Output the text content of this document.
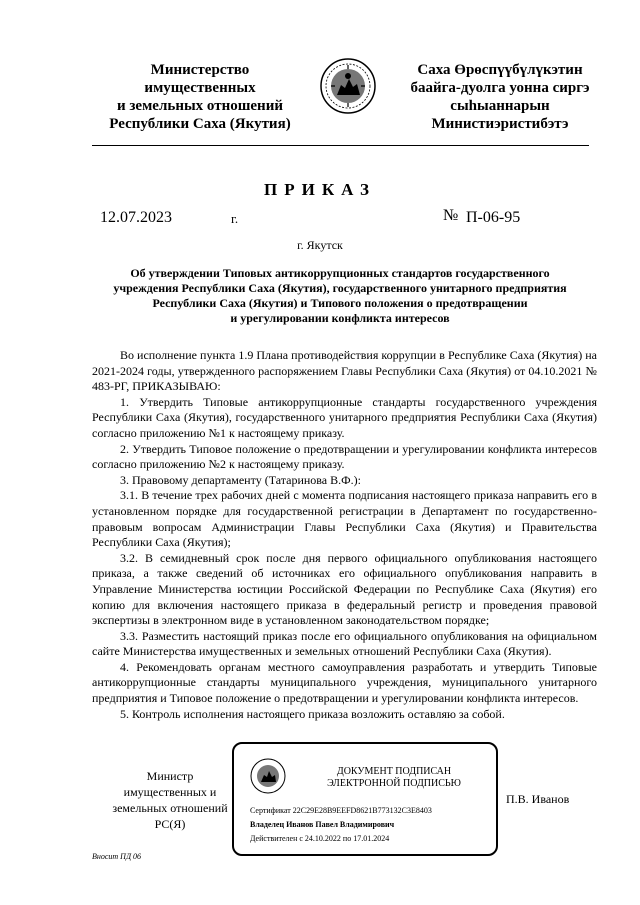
Министерство
имущественных
и земельных отношений
Республики Саха (Якутия)
Саха Өрөспүүбүлүкэтин
баайга-дуолга уонна сиргэ
сыһыаннарын
Министиэристибэтэ
ПРИКАЗ
12.07.2023	г.	№ П-06-95
г. Якутск
Об утверждении Типовых антикоррупционных стандартов государственного
учреждения Республики Саха (Якутия), государственного унитарного предприятия
Республики Саха (Якутия) и Типового положения о предотвращении
и урегулировании конфликта интересов

Во исполнение пункта 1.9 Плана противодействия коррупции в Республике Саха (Якутия) на 2021-2024 годы, утвержденного распоряжением Главы Республики Саха (Якутия) от 04.10.2021 № 483-РГ, ПРИКАЗЫВАЮ:

1. Утвердить Типовые антикоррупционные стандарты государственного учреждения Республики Саха (Якутия), государственного унитарного предприятия Республики Саха (Якутия) согласно приложению №1 к настоящему приказу.

2. Утвердить Типовое положение о предотвращении и урегулировании конфликта интересов согласно приложению №2 к настоящему приказу.

3. Правовому департаменту (Татаринова В.Ф.):

3.1. В течение трех рабочих дней с момента подписания настоящего приказа направить его в установленном порядке для государственной регистрации в Департамент по государственно-правовым вопросам Администрации Главы Республики Саха (Якутия) и Правительства Республики Саха (Якутия);

3.2. В семидневный срок после дня первого официального опубликования настоящего приказа, а также сведений об источниках его официального опубликования направить в Управление Министерства юстиции Российской Федерации по Республике Саха (Якутия) его копию для включения настоящего приказа в федеральный регистр и проведения правовой экспертизы в электронном виде в установленном законодательством порядке;

3.3. Разместить настоящий приказ после его официального опубликования на официальном сайте Министерства имущественных и земельных отношений Республики Саха (Якутия).

4. Рекомендовать органам местного самоуправления разработать и утвердить Типовые антикоррупционные стандарты муниципального учреждения, муниципального унитарного предприятия и Типовое положение о предотвращении и урегулировании конфликта интересов.

5. Контроль исполнения настоящего приказа возложить оставляю за собой.

Министр
имущественных и
земельных отношений
РС(Я)
ДОКУМЕНТ ПОДПИСАН
ЭЛЕКТРОННОЙ ПОДПИСЬЮ
Сертификат 22C29E28B9EEFD8621B773132C3E8403
Владелец Иванов Павел Владимирович
Действителен с 24.10.2022 по 17.01.2024
П.В. Иванов
Вносит ПД 06
